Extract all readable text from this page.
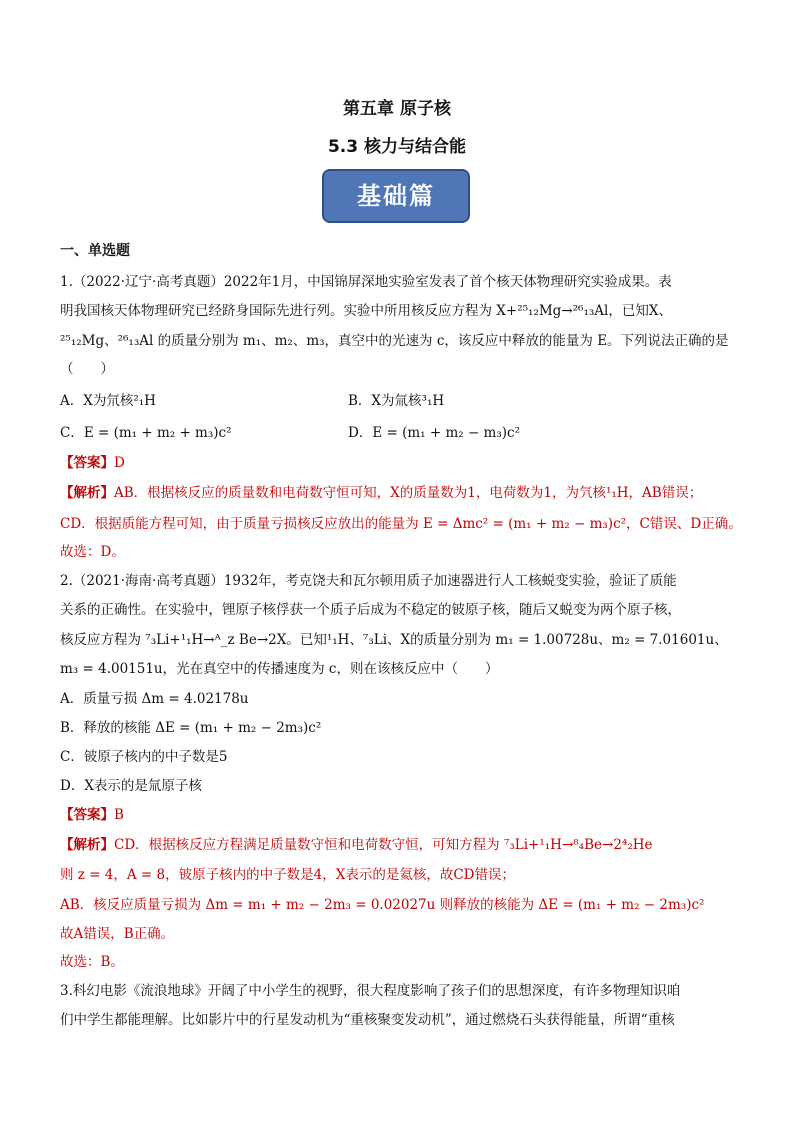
第五章 原子核
5.3 核力与结合能
基础篇
一、单选题
1.（2022·辽宁·高考真题）2022年1月，中国锦屏深地实验室发表了首个核天体物理研究实验成果。表
明我国核天体物理研究已经跻身国际先进行列。实验中所用核反应方程为 X+²⁵₁₂Mg→²⁶₁₃Al，已知X、
²⁵₁₂Mg、²⁶₁₃Al 的质量分别为 m₁、m₂、m₃，真空中的光速为 c，该反应中释放的能量为 E。下列说法正确的是
（　　）
A．X为氘核²₁H	B．X为氚核³₁H
C．E = (m₁ + m₂ + m₃)c²	D．E = (m₁ + m₂ − m₃)c²
【答案】D
【解析】AB．根据核反应的质量数和电荷数守恒可知，X的质量数为1，电荷数为1，为氕核¹₁H，AB错误；
CD．根据质能方程可知，由于质量亏损核反应放出的能量为 E = Δmc² = (m₁ + m₂ − m₃)c²，C错误、D正确。
故选：D。
2.（2021·海南·高考真题）1932年，考克饶夫和瓦尔顿用质子加速器进行人工核蜕变实验，验证了质能
关系的正确性。在实验中，锂原子核俘获一个质子后成为不稳定的铍原子核，随后又蜕变为两个原子核，
核反应方程为 ⁷₃Li+¹₁H→ᴬ_z Be→2X。已知¹₁H、⁷₃Li、X的质量分别为 m₁ = 1.00728u、m₂ = 7.01601u、
m₃ = 4.00151u，光在真空中的传播速度为 c，则在该核反应中（　　）
A．质量亏损 Δm = 4.02178u
B．释放的核能 ΔE = (m₁ + m₂ − 2m₃)c²
C．铍原子核内的中子数是5
D．X表示的是氚原子核
【答案】B
【解析】CD．根据核反应方程满足质量数守恒和电荷数守恒，可知方程为 ⁷₃Li+¹₁H→⁸₄Be→2⁴₂He
则 z = 4，A = 8，铍原子核内的中子数是4，X表示的是氦核，故CD错误；
AB．核反应质量亏损为 Δm = m₁ + m₂ − 2m₃ = 0.02027u 则释放的核能为 ΔE = (m₁ + m₂ − 2m₃)c²
故A错误，B正确。
故选：B。
3.科幻电影《流浪地球》开阔了中小学生的视野，很大程度影响了孩子们的思想深度，有许多物理知识咱
们中学生都能理解。比如影片中的行星发动机为“重核聚变发动机”，通过燃烧石头获得能量，所谓“重核
